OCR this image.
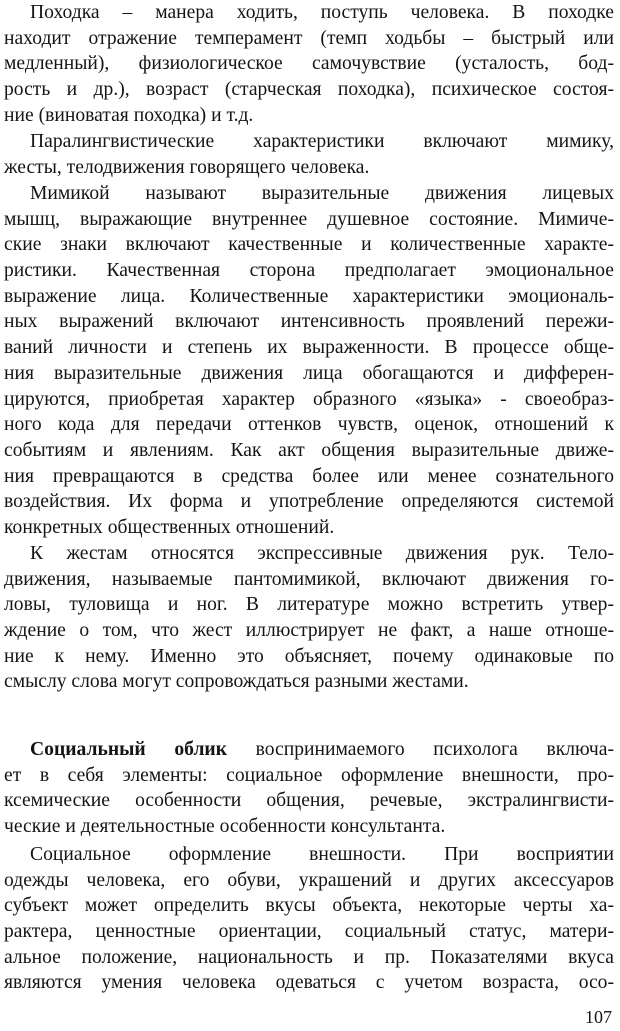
Походка – манера ходить, поступь человека. В походке
находит отражение темперамент (темп ходьбы – быстрый или
медленный), физиологическое самочувствие (усталость, бод-
рость и др.), возраст (старческая походка), психическое состоя-
ние (виноватая походка) и т.д.
Паралингвистические характеристики включают мимику,
жесты, телодвижения говорящего человека.
Мимикой называют выразительные движения лицевых
мышц, выражающие внутреннее душевное состояние. Мимиче-
ские знаки включают качественные и количественные характе-
ристики. Качественная сторона предполагает эмоциональное
выражение лица. Количественные характеристики эмоциональ-
ных выражений включают интенсивность проявлений пережи-
ваний личности и степень их выраженности. В процессе обще-
ния выразительные движения лица обогащаются и дифферен-
цируются, приобретая характер образного «языка» - своеобраз-
ного кода для передачи оттенков чувств, оценок, отношений к
событиям и явлениям. Как акт общения выразительные движе-
ния превращаются в средства более или менее сознательного
воздействия. Их форма и употребление определяются системой
конкретных общественных отношений.
К жестам относятся экспрессивные движения рук. Тело-
движения, называемые пантомимикой, включают движения го-
ловы, туловища и ног. В литературе можно встретить утвер-
ждение о том, что жест иллюстрирует не факт, а наше отноше-
ние к нему. Именно это объясняет, почему одинаковые по
смыслу слова могут сопровождаться разными жестами.
Социальный облик воспринимаемого психолога включа-
ет в себя элементы: социальное оформление внешности, про-
ксемические особенности общения, речевые, экстралингвисти-
ческие и деятельностные особенности консультанта.
Социальное оформление внешности. При восприятии
одежды человека, его обуви, украшений и других аксессуаров
субъект может определить вкусы объекта, некоторые черты ха-
рактера, ценностные ориентации, социальный статус, матери-
альное положение, национальность и пр. Показателями вкуса
являются умения человека одеваться с учетом возраста, осо-
107
